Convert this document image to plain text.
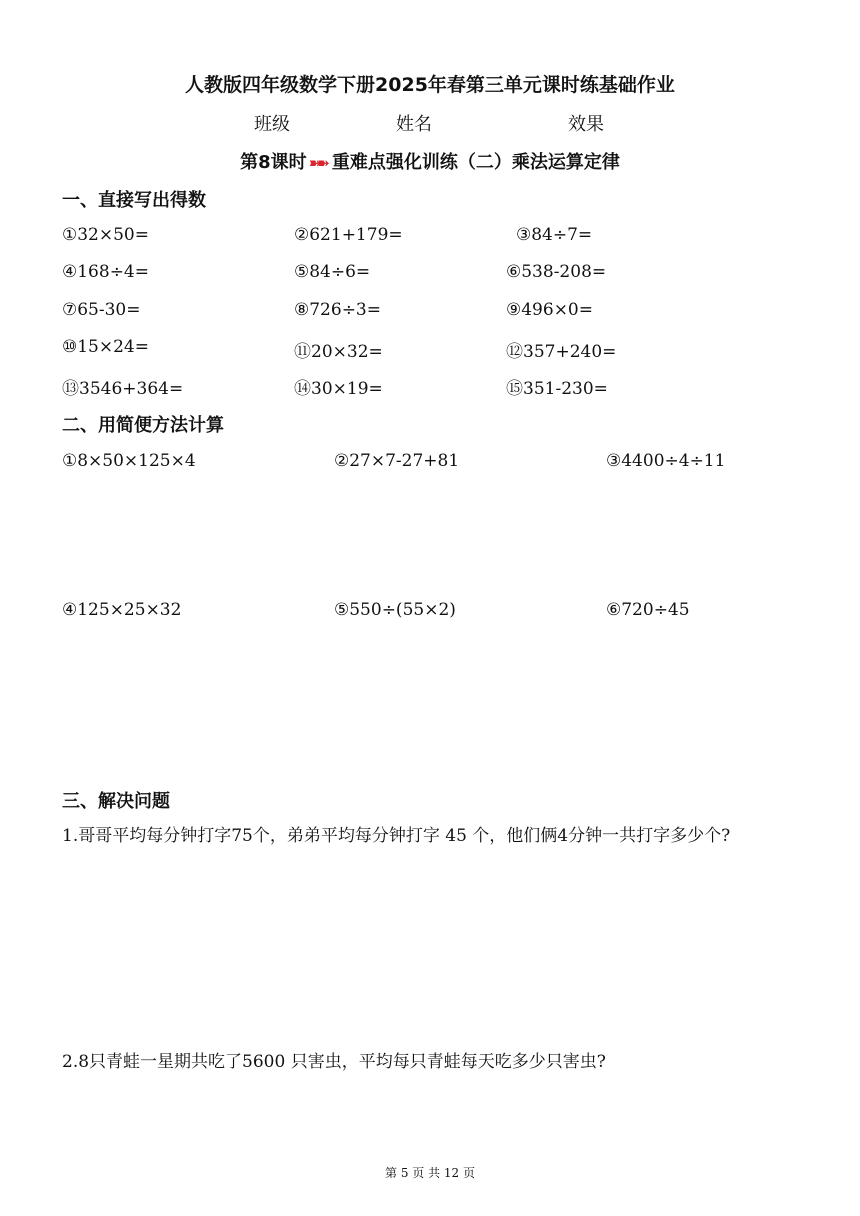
人教版四年级数学下册2025年春第三单元课时练基础作业
班级	姓名	效果
第8课时 ➽➽ 重难点强化训练（二）乘法运算定律
一、直接写出得数
①32×50=	②621+179=	③84÷7=
④168÷4=	⑤84÷6=	⑥538-208=
⑦65-30=	⑧726÷3=	⑨496×0=
⑩15×24=	⑪20×32=	⑫357+240=
⑬3546+364=	⑭30×19=	⑮351-230=
二、用简便方法计算
①8×50×125×4	②27×7-27+81	③4400÷4÷11
④125×25×32	⑤550÷(55×2)	⑥720÷45
三、解决问题
1.哥哥平均每分钟打字75个，弟弟平均每分钟打字 45 个，他们俩4分钟一共打字多少个?
2.8只青蛙一星期共吃了5600 只害虫，平均每只青蛙每天吃多少只害虫?
第 5 页 共 12 页
